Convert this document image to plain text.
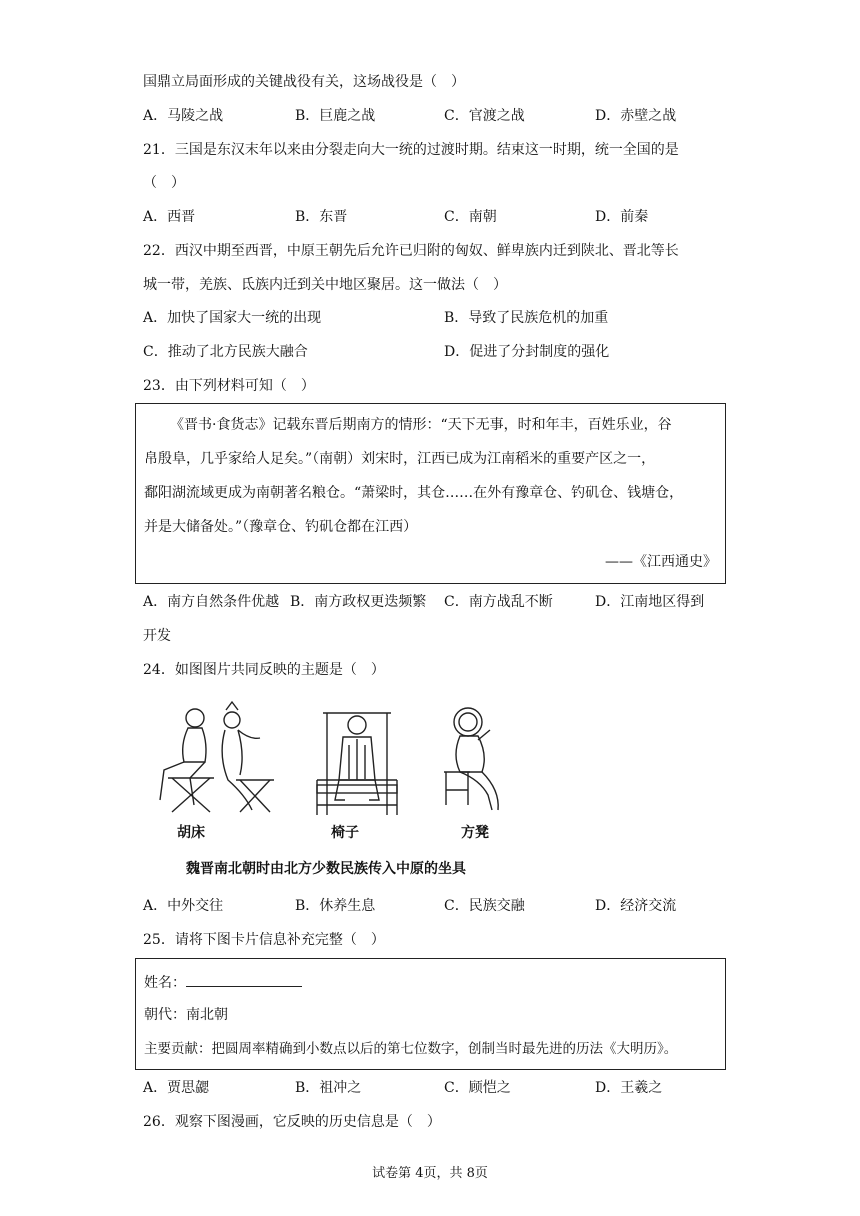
国鼎立局面形成的关键战役有关，这场战役是（　）
A．马陵之战	B．巨鹿之战	C．官渡之战	D．赤壁之战
21．三国是东汉末年以来由分裂走向大一统的过渡时期。结束这一时期，统一全国的是
（　）
A．西晋	B．东晋	C．南朝	D．前秦
22．西汉中期至西晋，中原王朝先后允许已归附的匈奴、鲜卑族内迁到陕北、晋北等长
城一带，羌族、氐族内迁到关中地区聚居。这一做法（　）
A．加快了国家大一统的出现	B．导致了民族危机的加重
C．推动了北方民族大融合	D．促进了分封制度的强化
23．由下列材料可知（　）
《晋书·食货志》记载东晋后期南方的情形：“天下无事，时和年丰，百姓乐业，谷
帛殷阜，几乎家给人足矣。”（南朝）刘宋时，江西已成为江南稻米的重要产区之一，
鄱阳湖流域更成为南朝著名粮仓。“萧梁时，其仓……在外有豫章仓、钓矶仓、钱塘仓，
并是大储备处。”（豫章仓、钓矶仓都在江西）
——《江西通史》
A．南方自然条件优越 B．南方政权更迭频繁 C．南方战乱不断	D．江南地区得到
开发
24．如图图片共同反映的主题是（　）
胡床	椅子	方凳
魏晋南北朝时由北方少数民族传入中原的坐具
A．中外交往	B．休养生息	C．民族交融	D．经济交流
25．请将下图卡片信息补充完整（　）
姓名：
朝代：南北朝
主要贡献：把圆周率精确到小数点以后的第七位数字，创制当时最先进的历法《大明历》。
A．贾思勰	B．祖冲之	C．顾恺之	D．王羲之
26．观察下图漫画，它反映的历史信息是（　）
试卷第 4页，共 8页
